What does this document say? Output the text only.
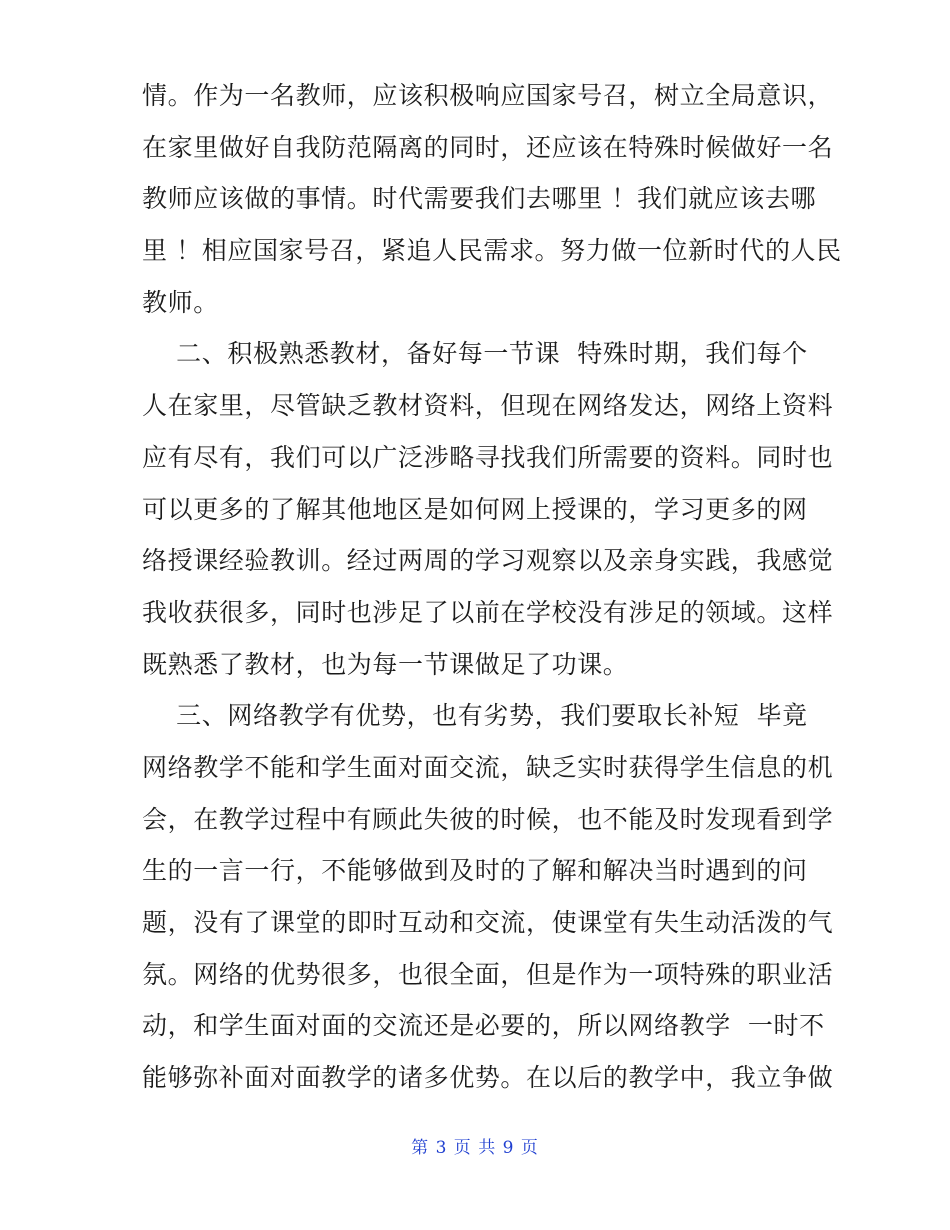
情。作为一名教师，应该积极响应国家号召，树立全局意识，
在家里做好自我防范隔离的同时，还应该在特殊时候做好一名
教师应该做的事情。时代需要我们去哪里 ！我们就应该去哪
里 ！相应国家号召，紧追人民需求。努力做一位新时代的人民
教师。
二、积极熟悉教材，备好每一节课  特殊时期，我们每个
人在家里，尽管缺乏教材资料，但现在网络发达，网络上资料
应有尽有，我们可以广泛涉略寻找我们所需要的资料。同时也
可以更多的了解其他地区是如何网上授课的，学习更多的网
络授课经验教训。经过两周的学习观察以及亲身实践，我感觉
我收获很多，同时也涉足了以前在学校没有涉足的领域。这样
既熟悉了教材，也为每一节课做足了功课。
三、网络教学有优势，也有劣势，我们要取长补短  毕竟
网络教学不能和学生面对面交流，缺乏实时获得学生信息的机
会，在教学过程中有顾此失彼的时候，也不能及时发现看到学
生的一言一行，不能够做到及时的了解和解决当时遇到的问
题，没有了课堂的即时互动和交流，使课堂有失生动活泼的气
氛。网络的优势很多，也很全面，但是作为一项特殊的职业活
动，和学生面对面的交流还是必要的，所以网络教学  一时不
能够弥补面对面教学的诸多优势。在以后的教学中，我立争做
第 3 页 共 9 页
